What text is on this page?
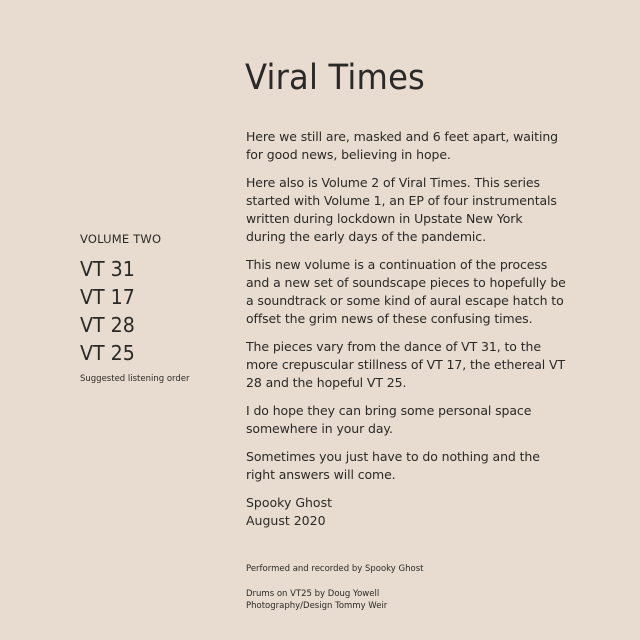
Viral Times
VOLUME TWO
VT 31
VT 17
VT 28
VT 25
Suggested listening order

Here we still are, masked and 6 feet apart, waiting for good news, believing in hope.

Here also is Volume 2 of Viral Times. This series started with Volume 1, an EP of four instrumentals written during lockdown in Upstate New York during the early days of the pandemic.

This new volume is a continuation of the process and a new set of soundscape pieces to hopefully be a soundtrack or some kind of aural escape hatch to offset the grim news of these confusing times.

The pieces vary from the dance of VT 31, to the more crepuscular stillness of VT 17, the ethereal VT 28 and the hopeful VT 25.

I do hope they can bring some personal space somewhere in your day.

Sometimes you just have to do nothing and the right answers will come.

Spooky Ghost

August 2020

Performed and recorded by Spooky Ghost

Drums on VT25 by Doug Yowell

Photography/Design Tommy Weir
